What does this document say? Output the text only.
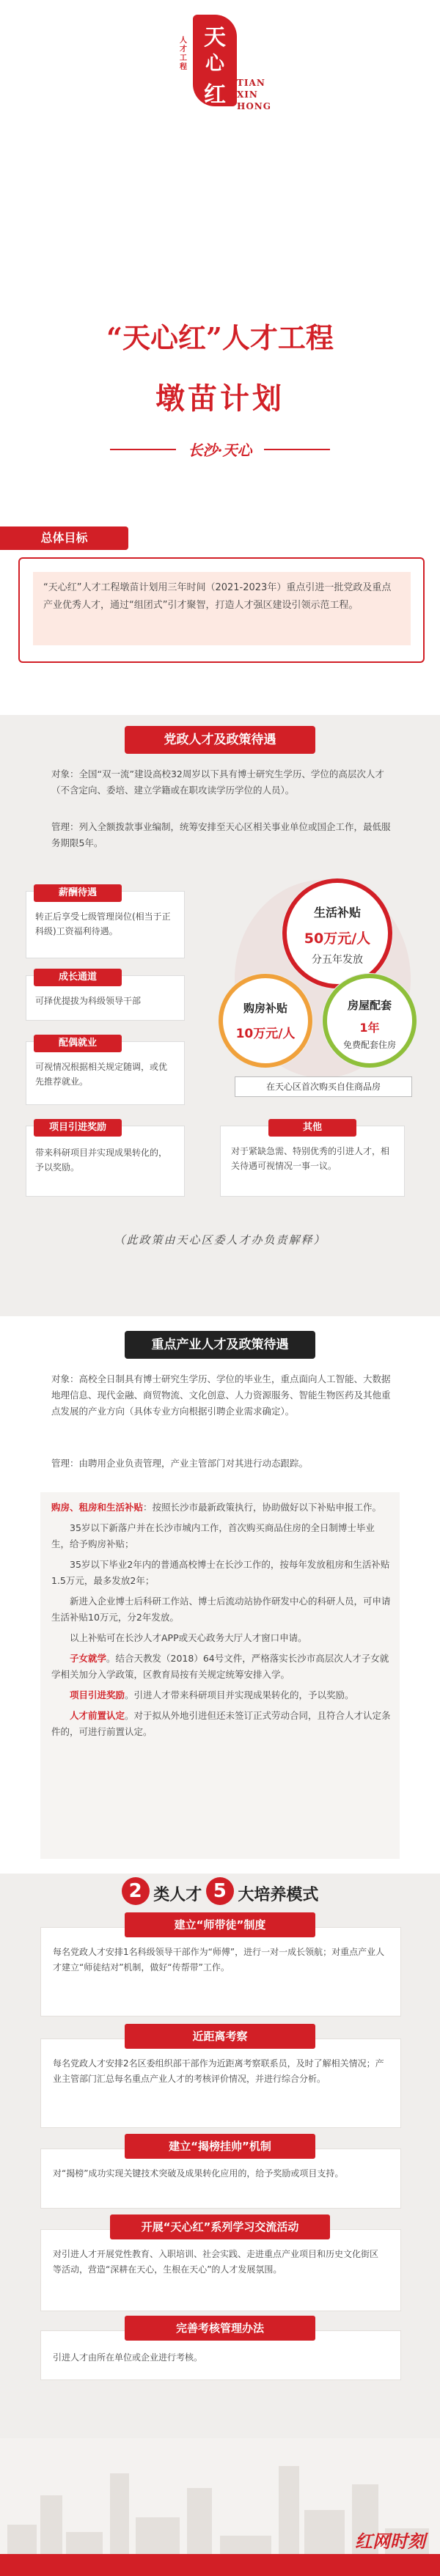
天
心
红
人才工程
TIAN
XIN
HONG
“天心红”人才工程
墩苗计划
长沙·天心
总体目标
“天心红”人才工程墩苗计划用三年时间（2021-2023年）重点引进一批党政及重点产业优秀人才，通过“组团式”引才聚智，打造人才强区建设引领示范工程。
党政人才及政策待遇
对象：全国“双一流”建设高校32周岁以下具有博士研究生学历、学位的高层次人才（不含定向、委培、建立学籍或在职攻读学历学位的人员）。
管理：列入全额拨款事业编制，统筹安排至天心区相关事业单位或国企工作，最低服务期限5年。
薪酬待遇
转正后享受七级管理岗位(相当于正科级)工资福利待遇。
成长通道
可择优提拔为科级领导干部
配偶就业
可视情况根据相关规定随调，或优先推荐就业。
项目引进奖励
带来科研项目并实现成果转化的，予以奖励。
其他
对于紧缺急需、特别优秀的引进人才，相关待遇可视情况一事一议。
生活补贴
50万元/人
分五年发放
购房补贴
10万元/人
房屋配套
1年
免费配套住房
在天心区首次购买自住商品房
（此政策由天心区委人才办负责解释）
重点产业人才及政策待遇
对象：高校全日制具有博士研究生学历、学位的毕业生，重点面向人工智能、大数据地理信息、现代金融、商贸物流、文化创意、人力资源服务、智能生物医药及其他重点发展的产业方向（具体专业方向根据引聘企业需求确定）。
管理：由聘用企业负责管理，产业主管部门对其进行动态跟踪。
购房、租房和生活补贴：按照长沙市最新政策执行，协助做好以下补贴申报工作。
35岁以下新落户并在长沙市城内工作，首次购买商品住房的全日制博士毕业生，给予购房补贴；
35岁以下毕业2年内的普通高校博士在长沙工作的，按每年发放租房和生活补贴1.5万元，最多发放2年；
新进入企业博士后科研工作站、博士后流动站协作研发中心的科研人员，可申请生活补贴10万元，分2年发放。
以上补贴可在长沙人才APP或天心政务大厅人才窗口申请。
子女就学。结合天教发（2018）64号文件，严格落实长沙市高层次人才子女就学相关加分入学政策，区教育局按有关规定统筹安排入学。
项目引进奖励。引进人才带来科研项目并实现成果转化的，予以奖励。
人才前置认定。对于拟从外地引进但还未签订正式劳动合同，且符合人才认定条件的，可进行前置认定。
2 类人才 5 大培养模式
建立“师带徒”制度
每名党政人才安排1名科级领导干部作为“师傅”，进行一对一成长领航；对重点产业人才建立“师徒结对”机制，做好“传帮带”工作。
近距离考察
每名党政人才安排2名区委组织部干部作为近距离考察联系员，及时了解相关情况；产业主管部门汇总每名重点产业人才的考核评价情况，并进行综合分析。
建立“揭榜挂帅”机制
对“揭榜”成功实现关键技术突破及成果转化应用的，给予奖励或项目支持。
开展“天心红”系列学习交流活动
对引进人才开展党性教育、入职培训、社会实践、走进重点产业项目和历史文化街区等活动，营造“深耕在天心，生根在天心”的人才发展氛围。
完善考核管理办法
引进人才由所在单位或企业进行考核。
红网时刻
